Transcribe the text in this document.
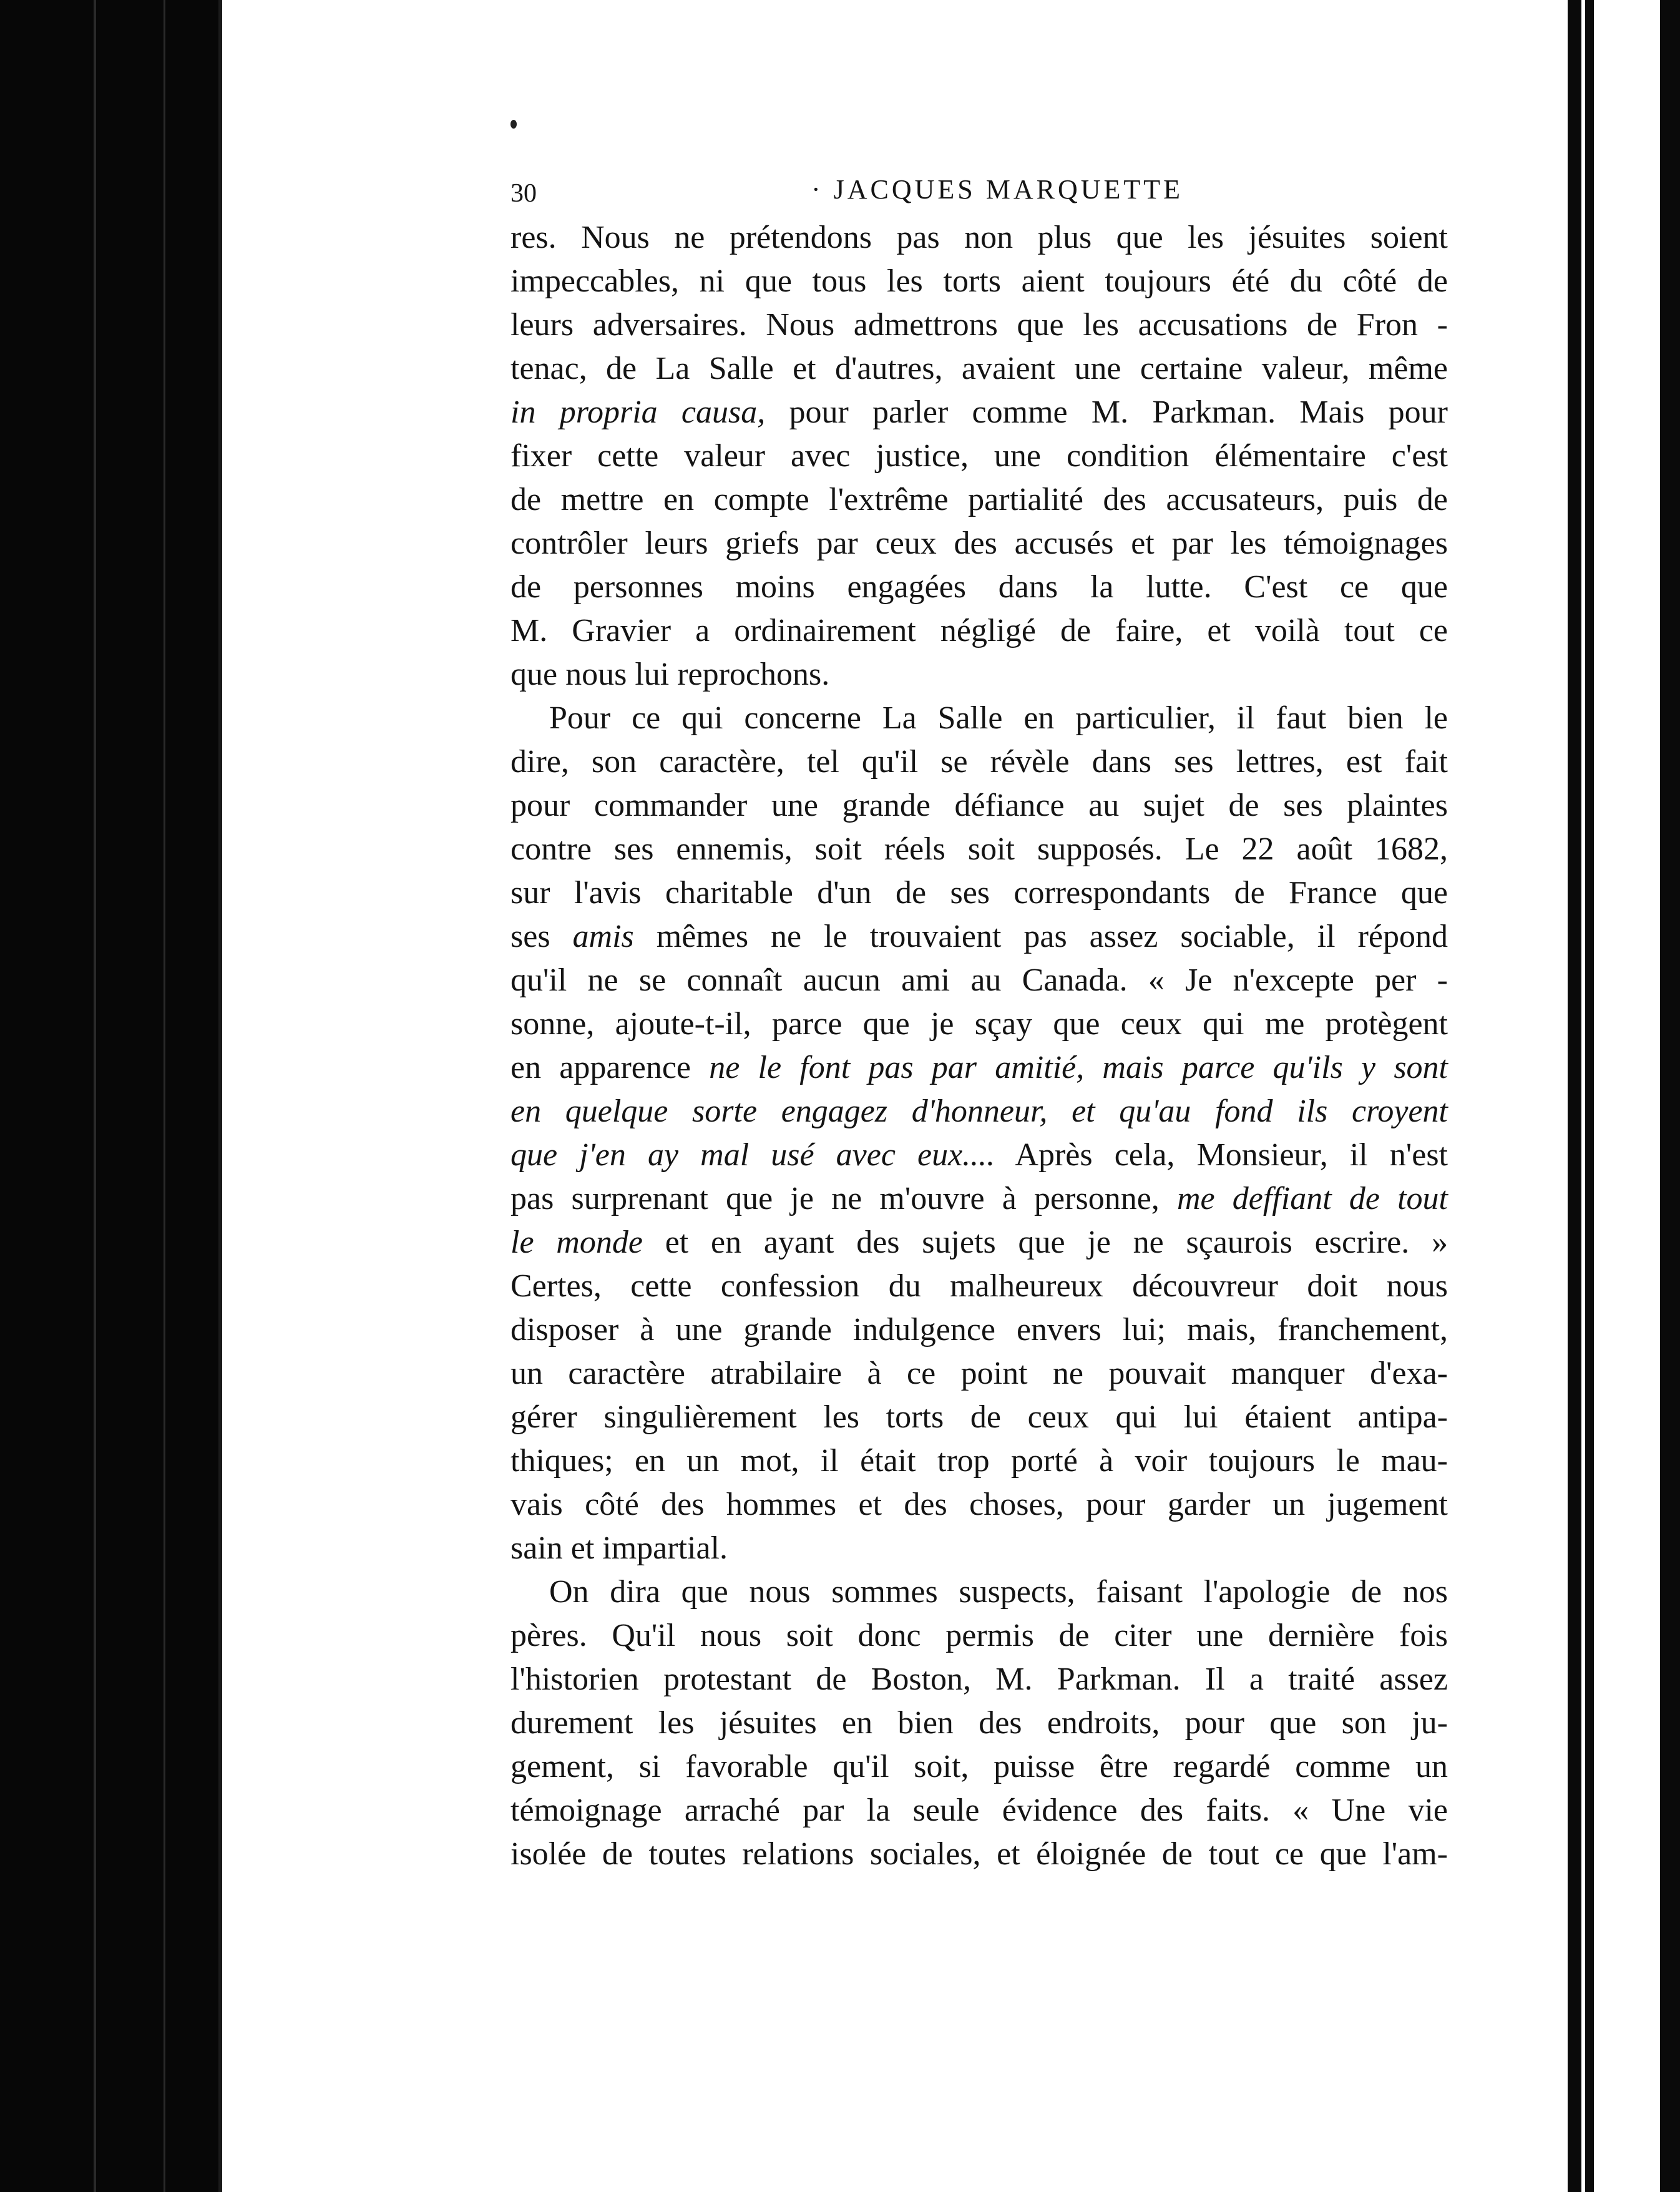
30	· JACQUES MARQUETTE
res. Nous ne prétendons pas non plus que les jésuites soient
impeccables, ni que tous les torts aient toujours été du côté de
leurs adversaires. Nous admettrons que les accusations de Fron -
tenac, de La Salle et d'autres, avaient une certaine valeur, même
in propria causa, pour parler comme M. Parkman. Mais pour
fixer cette valeur avec justice, une condition élémentaire c'est
de mettre en compte l'extrême partialité des accusateurs, puis de
contrôler leurs griefs par ceux des accusés et par les témoignages
de personnes moins engagées dans la lutte. C'est ce que
M. Gravier a ordinairement négligé de faire, et voilà tout ce
que nous lui reprochons.
Pour ce qui concerne La Salle en particulier, il faut bien le
dire, son caractère, tel qu'il se révèle dans ses lettres, est fait
pour commander une grande défiance au sujet de ses plaintes
contre ses ennemis, soit réels soit supposés. Le 22 août 1682,
sur l'avis charitable d'un de ses correspondants de France que
ses amis mêmes ne le trouvaient pas assez sociable, il répond
qu'il ne se connaît aucun ami au Canada. « Je n'excepte per -
sonne, ajoute-t-il, parce que je sçay que ceux qui me protègent
en apparence ne le font pas par amitié, mais parce qu'ils y sont
en quelque sorte engagez d'honneur, et qu'au fond ils croyent
que j'en ay mal usé avec eux.... Après cela, Monsieur, il n'est
pas surprenant que je ne m'ouvre à personne, me deffiant de tout
le monde et en ayant des sujets que je ne sçaurois escrire. »
Certes, cette confession du malheureux découvreur doit nous
disposer à une grande indulgence envers lui; mais, franchement,
un caractère atrabilaire à ce point ne pouvait manquer d'exa-
gérer singulièrement les torts de ceux qui lui étaient antipa-
thiques; en un mot, il était trop porté à voir toujours le mau-
vais côté des hommes et des choses, pour garder un jugement
sain et impartial.
On dira que nous sommes suspects, faisant l'apologie de nos
pères. Qu'il nous soit donc permis de citer une dernière fois
l'historien protestant de Boston, M. Parkman. Il a traité assez
durement les jésuites en bien des endroits, pour que son ju-
gement, si favorable qu'il soit, puisse être regardé comme un
témoignage arraché par la seule évidence des faits. « Une vie
isolée de toutes relations sociales, et éloignée de tout ce que l'am-
